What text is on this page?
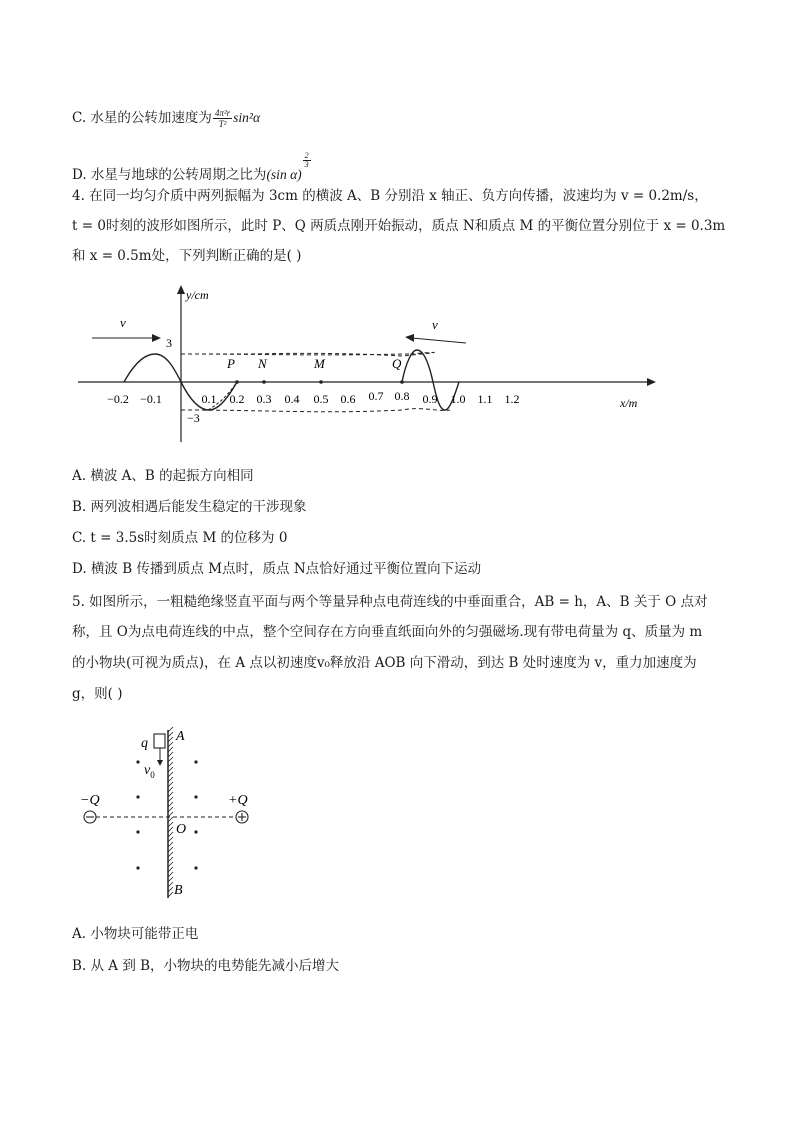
C. 水星的公转加速度为 $\frac{\text{4π²r}}{\text{T²}} \sin^2\alpha$
D. 水星与地球的公转周期之比为(sin α)
$\frac{2}{3}$
4. 在同一均匀介质中两列振幅为 3cm 的横波 A、B 分别沿 x 轴正、负方向传播，波速均为 v = 0.2m/s，
t = 0时刻的波形如图所示，此时 P、Q 两质点刚开始振动，质点 N和质点 M 的平衡位置分别位于 x = 0.3m
和 x = 0.5m处，下列判断正确的是( )
y/cm
x/m
3
−3
v	v
P N	M	Q
−0.2 −0.1	0.1 0.2 0.3 0.4 0.5 0.6 0.7 0.8 0.9 1.0 1.1 1.2
A. 横波 A、B 的起振方向相同
B. 两列波相遇后能发生稳定的干涉现象
C. t = 3.5s时刻质点 M 的位移为 0
D. 横波 B 传播到质点 M点时，质点 N点恰好通过平衡位置向下运动
5. 如图所示，一粗糙绝缘竖直平面与两个等量异种点电荷连线的中垂面重合，AB = h，A、B 关于 O 点对
称，且 O为点电荷连线的中点，整个空间存在方向垂直纸面向外的匀强磁场.现有带电荷量为 q、质量为 m
的小物块(可视为质点)，在 A 点以初速度v₀释放沿 AOB 向下滑动，到达 B 处时速度为 v，重力加速度为
g，则( )
−Q	+Q
A
O
B
q
$v_0$
A. 小物块可能带正电
B. 从 A 到 B，小物块的电势能先减小后增大
